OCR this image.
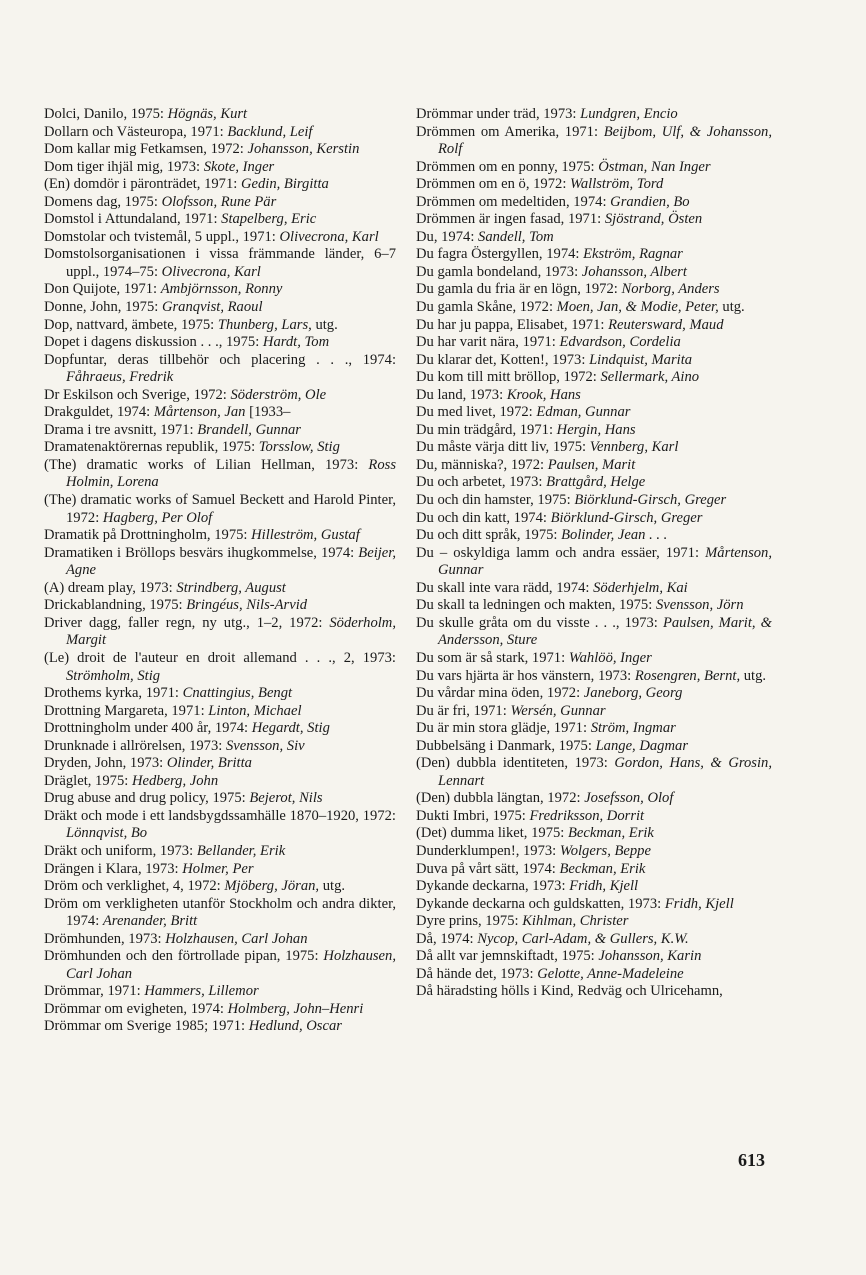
Dolci, Danilo, 1975: Högnäs, Kurt

Dollarn och Västeuropa, 1971: Backlund, Leif

Dom kallar mig Fetkamsen, 1972: Johansson, Kerstin

Dom tiger ihjäl mig, 1973: Skote, Inger

(En) domdör i päronträdet, 1971: Gedin, Birgitta

Domens dag, 1975: Olofsson, Rune Pär

Domstol i Attundaland, 1971: Stapelberg, Eric

Domstolar och tvistemål, 5 uppl., 1971: Olivecrona, Karl

Domstolsorganisationen i vissa främmande länder, 6–7 uppl., 1974–75: Olivecrona, Karl

Don Quijote, 1971: Ambjörnsson, Ronny

Donne, John, 1975: Granqvist, Raoul

Dop, nattvard, ämbete, 1975: Thunberg, Lars, utg.

Dopet i dagens diskussion . . ., 1975: Hardt, Tom

Dopfuntar, deras tillbehör och placering . . ., 1974: Fåhraeus, Fredrik

Dr Eskilson och Sverige, 1972: Söderström, Ole

Drakguldet, 1974: Mårtenson, Jan [1933–

Drama i tre avsnitt, 1971: Brandell, Gunnar

Dramatenaktörernas republik, 1975: Torsslow, Stig

(The) dramatic works of Lilian Hellman, 1973: Ross Holmin, Lorena

(The) dramatic works of Samuel Beckett and Harold Pinter, 1972: Hagberg, Per Olof

Dramatik på Drottningholm, 1975: Hilleström, Gustaf

Dramatiken i Bröllops besvärs ihugkommelse, 1974: Beijer, Agne

(A) dream play, 1973: Strindberg, August

Drickablandning, 1975: Bringéus, Nils-Arvid

Driver dagg, faller regn, ny utg., 1–2, 1972: Söderholm, Margit

(Le) droit de l'auteur en droit allemand . . ., 2, 1973: Strömholm, Stig

Drothems kyrka, 1971: Cnattingius, Bengt

Drottning Margareta, 1971: Linton, Michael

Drottningholm under 400 år, 1974: Hegardt, Stig

Drunknade i allrörelsen, 1973: Svensson, Siv

Dryden, John, 1973: Olinder, Britta

Dräglet, 1975: Hedberg, John

Drug abuse and drug policy, 1975: Bejerot, Nils

Dräkt och mode i ett landsbygdssamhälle 1870–1920, 1972: Lönnqvist, Bo

Dräkt och uniform, 1973: Bellander, Erik

Drängen i Klara, 1973: Holmer, Per

Dröm och verklighet, 4, 1972: Mjöberg, Jöran, utg.

Dröm om verkligheten utanför Stockholm och andra dikter, 1974: Arenander, Britt

Drömhunden, 1973: Holzhausen, Carl Johan

Drömhunden och den förtrollade pipan, 1975: Holzhausen, Carl Johan

Drömmar, 1971: Hammers, Lillemor

Drömmar om evigheten, 1974: Holmberg, John–Henri

Drömmar om Sverige 1985; 1971: Hedlund, Oscar

Drömmar under träd, 1973: Lundgren, Encio

Drömmen om Amerika, 1971: Beijbom, Ulf, & Johansson, Rolf

Drömmen om en ponny, 1975: Östman, Nan Inger

Drömmen om en ö, 1972: Wallström, Tord

Drömmen om medeltiden, 1974: Grandien, Bo

Drömmen är ingen fasad, 1971: Sjöstrand, Östen

Du, 1974: Sandell, Tom

Du fagra Östergyllen, 1974: Ekström, Ragnar

Du gamla bondeland, 1973: Johansson, Albert

Du gamla du fria är en lögn, 1972: Norborg, Anders

Du gamla Skåne, 1972: Moen, Jan, & Modie, Peter, utg.

Du har ju pappa, Elisabet, 1971: Reutersward, Maud

Du har varit nära, 1971: Edvardson, Cordelia

Du klarar det, Kotten!, 1973: Lindquist, Marita

Du kom till mitt bröllop, 1972: Sellermark, Aino

Du land, 1973: Krook, Hans

Du med livet, 1972: Edman, Gunnar

Du min trädgård, 1971: Hergin, Hans

Du måste värja ditt liv, 1975: Vennberg, Karl

Du, människa?, 1972: Paulsen, Marit

Du och arbetet, 1973: Brattgård, Helge

Du och din hamster, 1975: Biörklund-Girsch, Greger

Du och din katt, 1974: Biörklund-Girsch, Greger

Du och ditt språk, 1975: Bolinder, Jean . . .

Du – oskyldiga lamm och andra essäer, 1971: Mårtenson, Gunnar

Du skall inte vara rädd, 1974: Söderhjelm, Kai

Du skall ta ledningen och makten, 1975: Svensson, Jörn

Du skulle gråta om du visste . . ., 1973: Paulsen, Marit, & Andersson, Sture

Du som är så stark, 1971: Wahlöö, Inger

Du vars hjärta är hos vänstern, 1973: Rosengren, Bernt, utg.

Du vårdar mina öden, 1972: Janeborg, Georg

Du är fri, 1971: Wersén, Gunnar

Du är min stora glädje, 1971: Ström, Ingmar

Dubbelsäng i Danmark, 1975: Lange, Dagmar

(Den) dubbla identiteten, 1973: Gordon, Hans, & Grosin, Lennart

(Den) dubbla längtan, 1972: Josefsson, Olof

Dukti Imbri, 1975: Fredriksson, Dorrit

(Det) dumma liket, 1975: Beckman, Erik

Dunderklumpen!, 1973: Wolgers, Beppe

Duva på vårt sätt, 1974: Beckman, Erik

Dykande deckarna, 1973: Fridh, Kjell

Dykande deckarna och guldskatten, 1973: Fridh, Kjell

Dyre prins, 1975: Kihlman, Christer

Då, 1974: Nycop, Carl-Adam, & Gullers, K.W.

Då allt var jemnskiftadt, 1975: Johansson, Karin

Då hände det, 1973: Gelotte, Anne-Madeleine

Då häradsting hölls i Kind, Redväg och Ulricehamn,

613
